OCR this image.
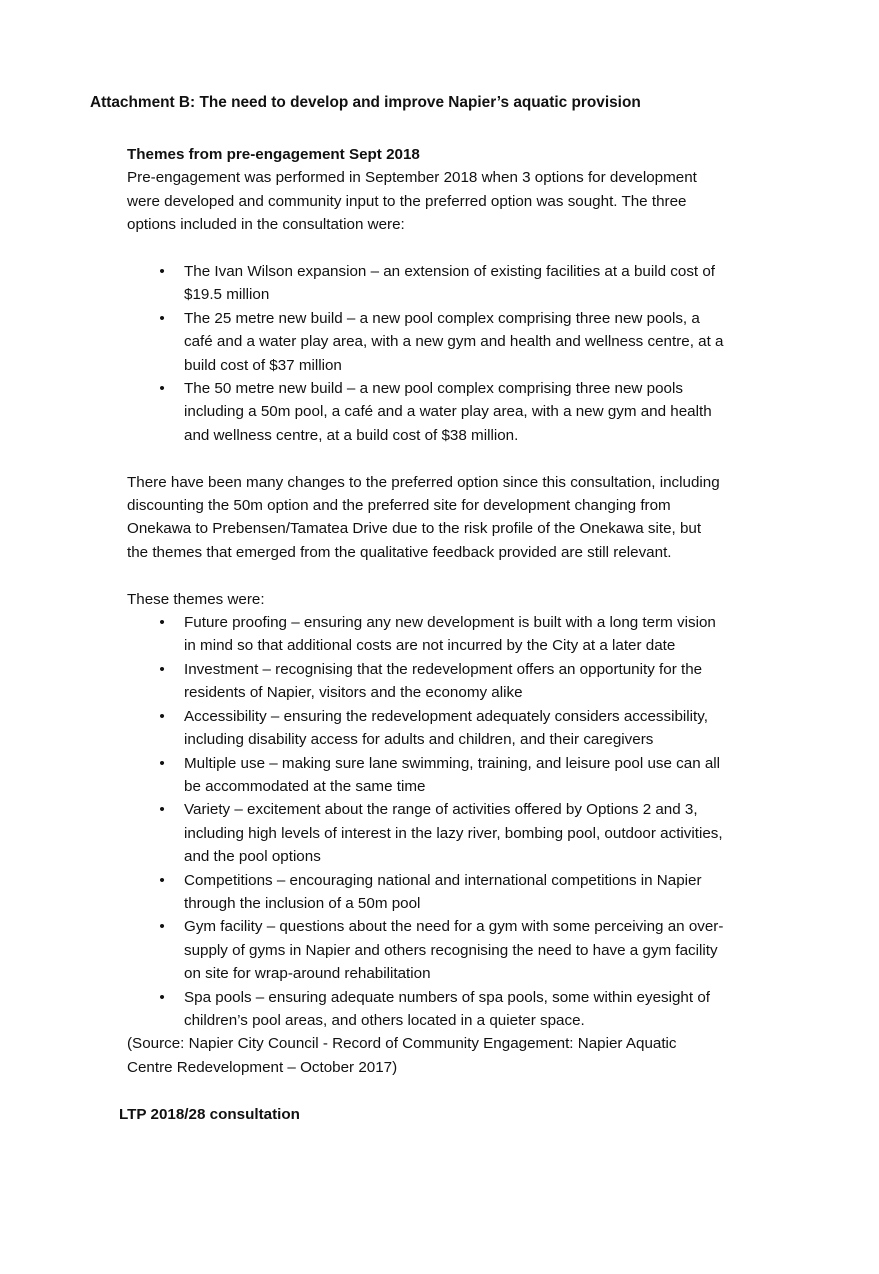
Attachment B: The need to develop and improve Napier’s aquatic provision
Themes from pre-engagement Sept 2018
Pre-engagement was performed in September 2018 when 3 options for development
were developed and community input to the preferred option was sought. The three
options included in the consultation were:
• The Ivan Wilson expansion – an extension of existing facilities at a build cost of
$19.5 million
• The 25 metre new build – a new pool complex comprising three new pools, a
café and a water play area, with a new gym and health and wellness centre, at a
build cost of $37 million
• The 50 metre new build – a new pool complex comprising three new pools
including a 50m pool, a café and a water play area, with a new gym and health
and wellness centre, at a build cost of $38 million.
There have been many changes to the preferred option since this consultation, including
discounting the 50m option and the preferred site for development changing from
Onekawa to Prebensen/Tamatea Drive due to the risk profile of the Onekawa site, but
the themes that emerged from the qualitative feedback provided are still relevant.

These themes were:

• Future proofing – ensuring any new development is built with a long term vision
in mind so that additional costs are not incurred by the City at a later date
• Investment – recognising that the redevelopment offers an opportunity for the
residents of Napier, visitors and the economy alike
• Accessibility – ensuring the redevelopment adequately considers accessibility,
including disability access for adults and children, and their caregivers
• Multiple use – making sure lane swimming, training, and leisure pool use can all
be accommodated at the same time
• Variety – excitement about the range of activities offered by Options 2 and 3,
including high levels of interest in the lazy river, bombing pool, outdoor activities,
and the pool options
• Competitions – encouraging national and international competitions in Napier
through the inclusion of a 50m pool
• Gym facility – questions about the need for a gym with some perceiving an over-
supply of gyms in Napier and others recognising the need to have a gym facility
on site for wrap-around rehabilitation
• Spa pools – ensuring adequate numbers of spa pools, some within eyesight of
children’s pool areas, and others located in a quieter space.
(Source: Napier City Council - Record of Community Engagement: Napier Aquatic
Centre Redevelopment – October 2017)
LTP 2018/28 consultation
